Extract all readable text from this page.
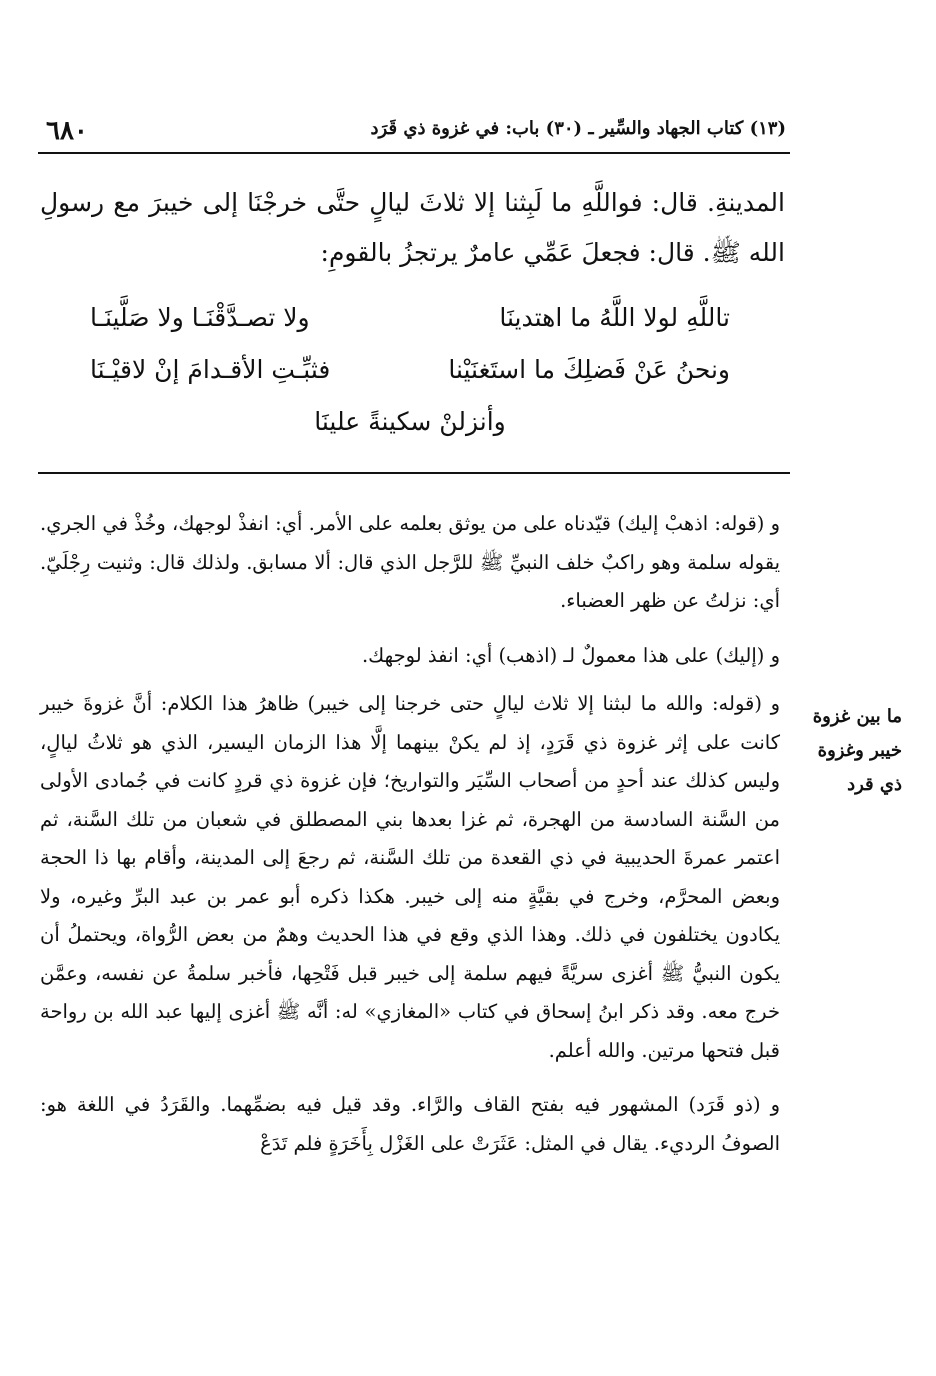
٦٨٠	(١٣) كتاب الجهاد والسِّير ـ (٣٠) باب: في غزوة ذي قَرَد

المدينةِ. قال: فواللَّهِ ما لَبِثنا إلا ثلاثَ ليالٍ حتَّى خرجْنَا إلى خيبرَ مع رسولِ الله ﷺ. قال: فجعلَ عَمِّي عامرٌ يرتجزُ بالقومِ:

تاللَّهِ لولا اللَّهُ ما اهتدينَا
ولا تصـدَّقْنَـا ولا صَلَّينَـا
ونحنُ عَنْ فَضلِكَ ما استَغنَيْنا
فثبِّـتِ الأقـدامَ إنْ لاقيْـنَا
وأنزلنْ سكينةً علينَا

و (قوله: اذهبْ إليك) قيّدناه على من يوثق بعلمه على الأمر. أي: انفذْ لوجهك، وخُذْ في الجري. يقوله سلمة وهو راكبٌ خلف النبيِّ ﷺ للرَّجل الذي قال: ألا مسابق. ولذلك قال: وثنيت رِجْلَيّ. أي: نزلتُ عن ظهر العضباء.

و (إليك) على هذا معمولٌ لـ (اذهب) أي: انفذ لوجهك.

و (قوله: والله ما لبثنا إلا ثلاث ليالٍ حتى خرجنا إلى خيبر) ظاهرُ هذا الكلام: أنَّ غزوةَ خيبر كانت على إثر غزوة ذي قَرَدٍ، إذ لم يكنْ بينهما إلَّا هذا الزمان اليسير، الذي هو ثلاثُ ليالٍ، وليس كذلك عند أحدٍ من أصحاب السِّيَر والتواريخ؛ فإن غزوة ذي قردٍ كانت في جُمادى الأولى من السَّنة السادسة من الهجرة، ثم غزا بعدها بني المصطلق في شعبان من تلك السَّنة، ثم اعتمر عمرةَ الحديبية في ذي القعدة من تلك السَّنة، ثم رجعَ إلى المدينة، وأقام بها ذا الحجة وبعض المحرَّم، وخرج في بقيَّةٍ منه إلى خيبر. هكذا ذكره أبو عمر بن عبد البرِّ وغيره، ولا يكادون يختلفون في ذلك. وهذا الذي وقع في هذا الحديث وهمٌ من بعض الرُّواة، ويحتملُ أن يكون النبيُّ ﷺ أغزى سريَّةً فيهم سلمة إلى خيبر قبل فَتْحِها، فأخبر سلمةُ عن نفسه، وعمَّن خرج معه. وقد ذكر ابنُ إسحاق في كتاب «المغازي» له: أنَّه ﷺ أغزى إليها عبد الله بن رواحة قبل فتحها مرتين. والله أعلم.

و (ذو قَرَد) المشهور فيه بفتح القاف والرَّاء. وقد قيل فيه بضمِّهما. والقَرَدُ في اللغة هو: الصوفُ الرديء. يقال في المثل: عَثَرَتْ على الغَزْل بِأَخَرَةٍ فلم تَدَعْ

ما بين غزوة خيبر وغزوة ذي قرد
